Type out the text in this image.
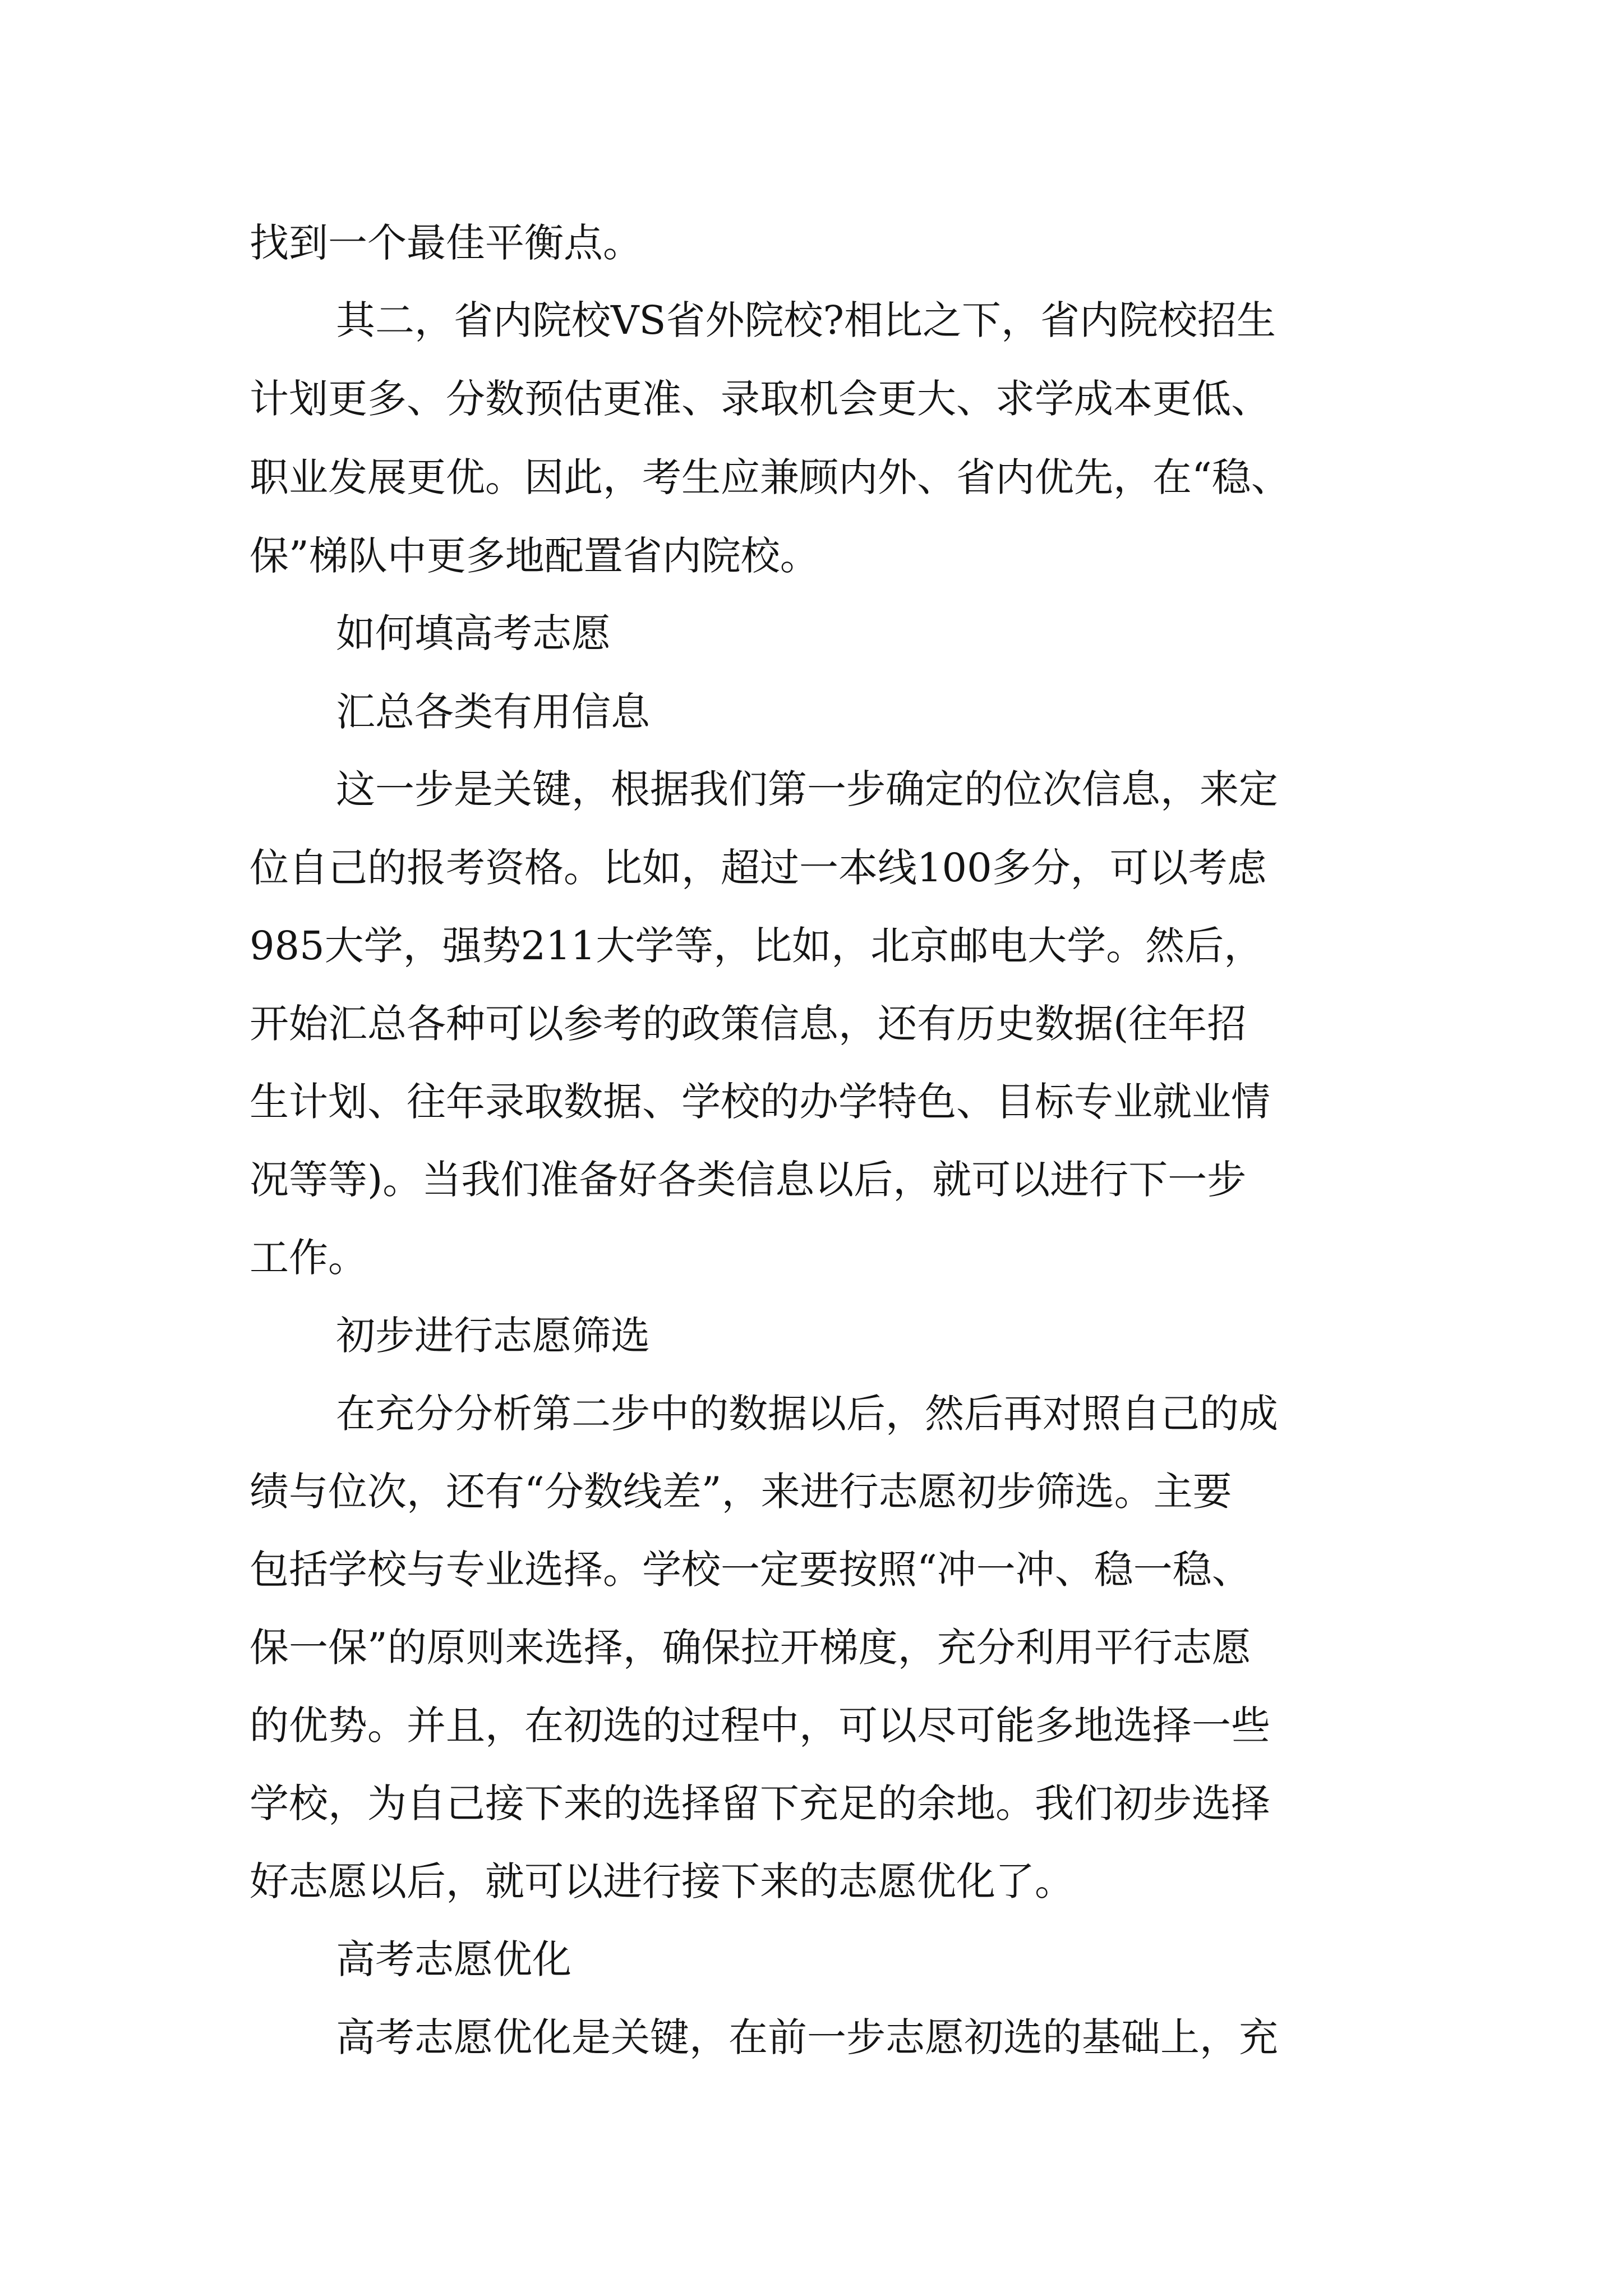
找到一个最佳平衡点。
其二，省内院校VS省外院校?相比之下，省内院校招生
计划更多、分数预估更准、录取机会更大、求学成本更低、
职业发展更优。因此，考生应兼顾内外、省内优先，在“稳、
保”梯队中更多地配置省内院校。
如何填高考志愿
汇总各类有用信息
这一步是关键，根据我们第一步确定的位次信息，来定
位自己的报考资格。比如，超过一本线100多分，可以考虑
985大学，强势211大学等，比如，北京邮电大学。然后，
开始汇总各种可以参考的政策信息，还有历史数据(往年招
生计划、往年录取数据、学校的办学特色、目标专业就业情
况等等)。当我们准备好各类信息以后，就可以进行下一步
工作。
初步进行志愿筛选
在充分分析第二步中的数据以后，然后再对照自己的成
绩与位次，还有“分数线差”，来进行志愿初步筛选。主要
包括学校与专业选择。学校一定要按照“冲一冲、稳一稳、
保一保”的原则来选择，确保拉开梯度，充分利用平行志愿
的优势。并且，在初选的过程中，可以尽可能多地选择一些
学校，为自己接下来的选择留下充足的余地。我们初步选择
好志愿以后，就可以进行接下来的志愿优化了。
高考志愿优化
高考志愿优化是关键，在前一步志愿初选的基础上，充
